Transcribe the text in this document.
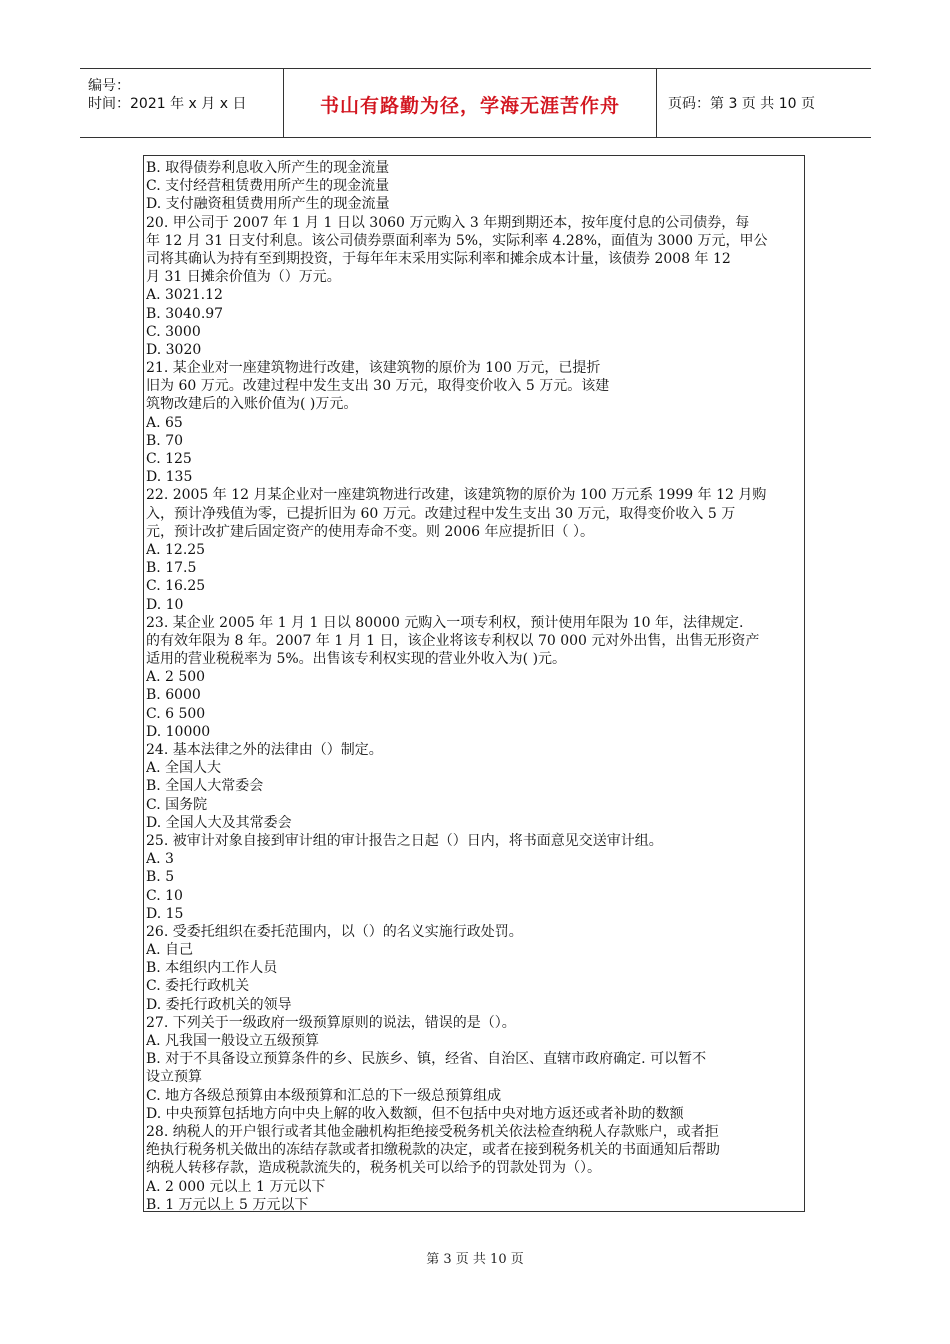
编号：
时间：2021 年 x 月 x 日	书山有路勤为径，学海无涯苦作舟	页码：第 3 页 共 10 页
B. 取得债券利息收入所产生的现金流量
C. 支付经营租赁费用所产生的现金流量
D. 支付融资租赁费用所产生的现金流量
20. 甲公司于 2007 年 1 月 1 日以 3060 万元购入 3 年期到期还本，按年度付息的公司债券，每
年 12 月 31 日支付利息。该公司债券票面利率为 5%，实际利率 4.28%，面值为 3000 万元，甲公
司将其确认为持有至到期投资，于每年年末采用实际利率和摊余成本计量，该债券 2008 年 12
月 31 日摊余价值为（）万元。
A. 3021.12
B. 3040.97
C. 3000
D. 3020
21. 某企业对一座建筑物进行改建，该建筑物的原价为 100 万元，已提折
旧为 60 万元。改建过程中发生支出 30 万元，取得变价收入 5 万元。该建
筑物改建后的入账价值为( )万元。
A. 65
B. 70
C. 125
D. 135
22. 2005 年 12 月某企业对一座建筑物进行改建，该建筑物的原价为 100 万元系 1999 年 12 月购
入，预计净残值为零，已提折旧为 60 万元。改建过程中发生支出 30 万元，取得变价收入 5 万
元，预计改扩建后固定资产的使用寿命不变。则 2006 年应提折旧（ ）。
A. 12.25
B. 17.5
C. 16.25
D. 10
23. 某企业 2005 年 1 月 1 日以 80000 元购入一项专利权，预计使用年限为 10 年，法律规定.
的有效年限为 8 年。2007 年 1 月 1 日，该企业将该专利权以 70 000 元对外出售，出售无形资产
适用的营业税税率为 5%。出售该专利权实现的营业外收入为( )元。
A. 2 500
B. 6000
C. 6 500
D. 10000
24. 基本法律之外的法律由（）制定。
A. 全国人大
B. 全国人大常委会
C. 国务院
D. 全国人大及其常委会
25. 被审计对象自接到审计组的审计报告之日起（）日内，将书面意见交送审计组。
A. 3
B. 5
C. 10
D. 15
26. 受委托组织在委托范围内，以（）的名义实施行政处罚。
A. 自己
B. 本组织内工作人员
C. 委托行政机关
D. 委托行政机关的领导
27. 下列关于一级政府一级预算原则的说法，错误的是（）。
A. 凡我国一般设立五级预算
B. 对于不具备设立预算条件的乡、民族乡、镇，经省、自治区、直辖市政府确定. 可以暂不
设立预算
C. 地方各级总预算由本级预算和汇总的下一级总预算组成
D. 中央预算包括地方向中央上解的收入数额，但不包括中央对地方返还或者补助的数额
28. 纳税人的开户银行或者其他金融机构拒绝接受税务机关依法检查纳税人存款账户，或者拒
绝执行税务机关做出的冻结存款或者扣缴税款的决定，或者在接到税务机关的书面通知后帮助
纳税人转移存款，造成税款流失的，税务机关可以给予的罚款处罚为（）。
A. 2 000 元以上 1 万元以下
B. 1 万元以上 5 万元以下
第 3 页 共 10 页
